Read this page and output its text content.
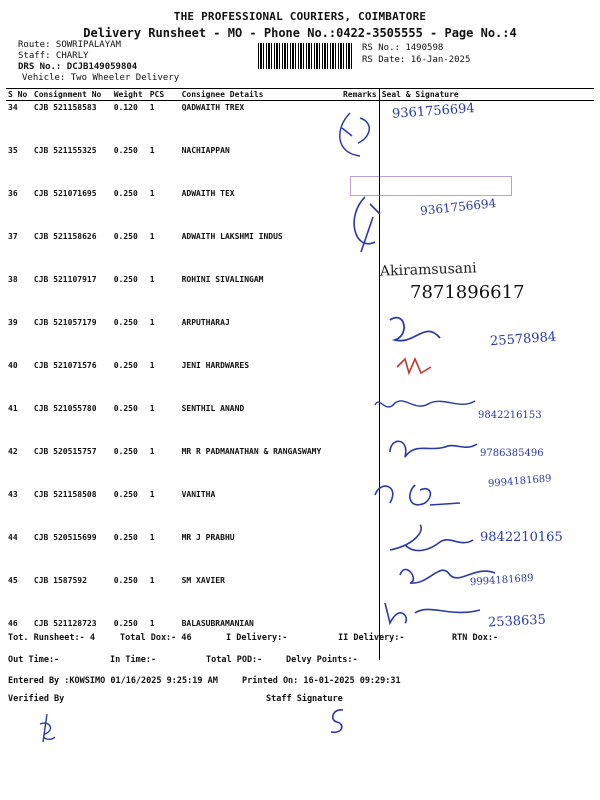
THE PROFESSIONAL COURIERS, COIMBATORE
Delivery Runsheet - MO - Phone No.:0422-3505555 - Page No.:4
Route: SOWRIPALAYAM
Staff: CHARLY
DRS No.: DCJB149059804
Vehicle: Two Wheeler Delivery
RS No.: 1490598
RS Date: 16-Jan-2025
S No	Consignment No	Weight	PCS	Consignee Details	Remarks	Seal & Signature
34	CJB 521158583	0.120	1	QADWAITH TREX		
35	CJB 521155325	0.250	1	NACHIAPPAN		
36	CJB 521071695	0.250	1	ADWAITH TEX		
37	CJB 521158626	0.250	1	ADWAITH LAKSHMI INDUS		
38	CJB 521107917	0.250	1	ROHINI SIVALINGAM		
39	CJB 521057179	0.250	1	ARPUTHARAJ		
40	CJB 521071576	0.250	1	JENI HARDWARES		
41	CJB 521055780	0.250	1	SENTHIL ANAND		
42	CJB 520515757	0.250	1	MR R PADMANATHAN & RANGASWAMY		
43	CJB 521158508	0.250	1	VANITHA		
44	CJB 520515699	0.250	1	MR J PRABHU		
45	CJB 1587592	0.250	1	SM XAVIER		
46	CJB 521128723	0.250	1	BALASUBRAMANIAN		
Tot. Runsheet:- 4	Total Dox:- 46	I Delivery:-	II Delivery:-	RTN Dox:-
Out Time:-	In Time:-	Total POD:-	Delvy Points:-
Entered By :KOWSIMO 01/16/2025 9:25:19 AM	Printed On: 16-01-2025 09:29:31
Verified By	Staff Signature
9361756694
9361756694
Akiramsusani
7871896617
25578984
9842216153
9786385496
9994181689
9842210165
9994181689
2538635
